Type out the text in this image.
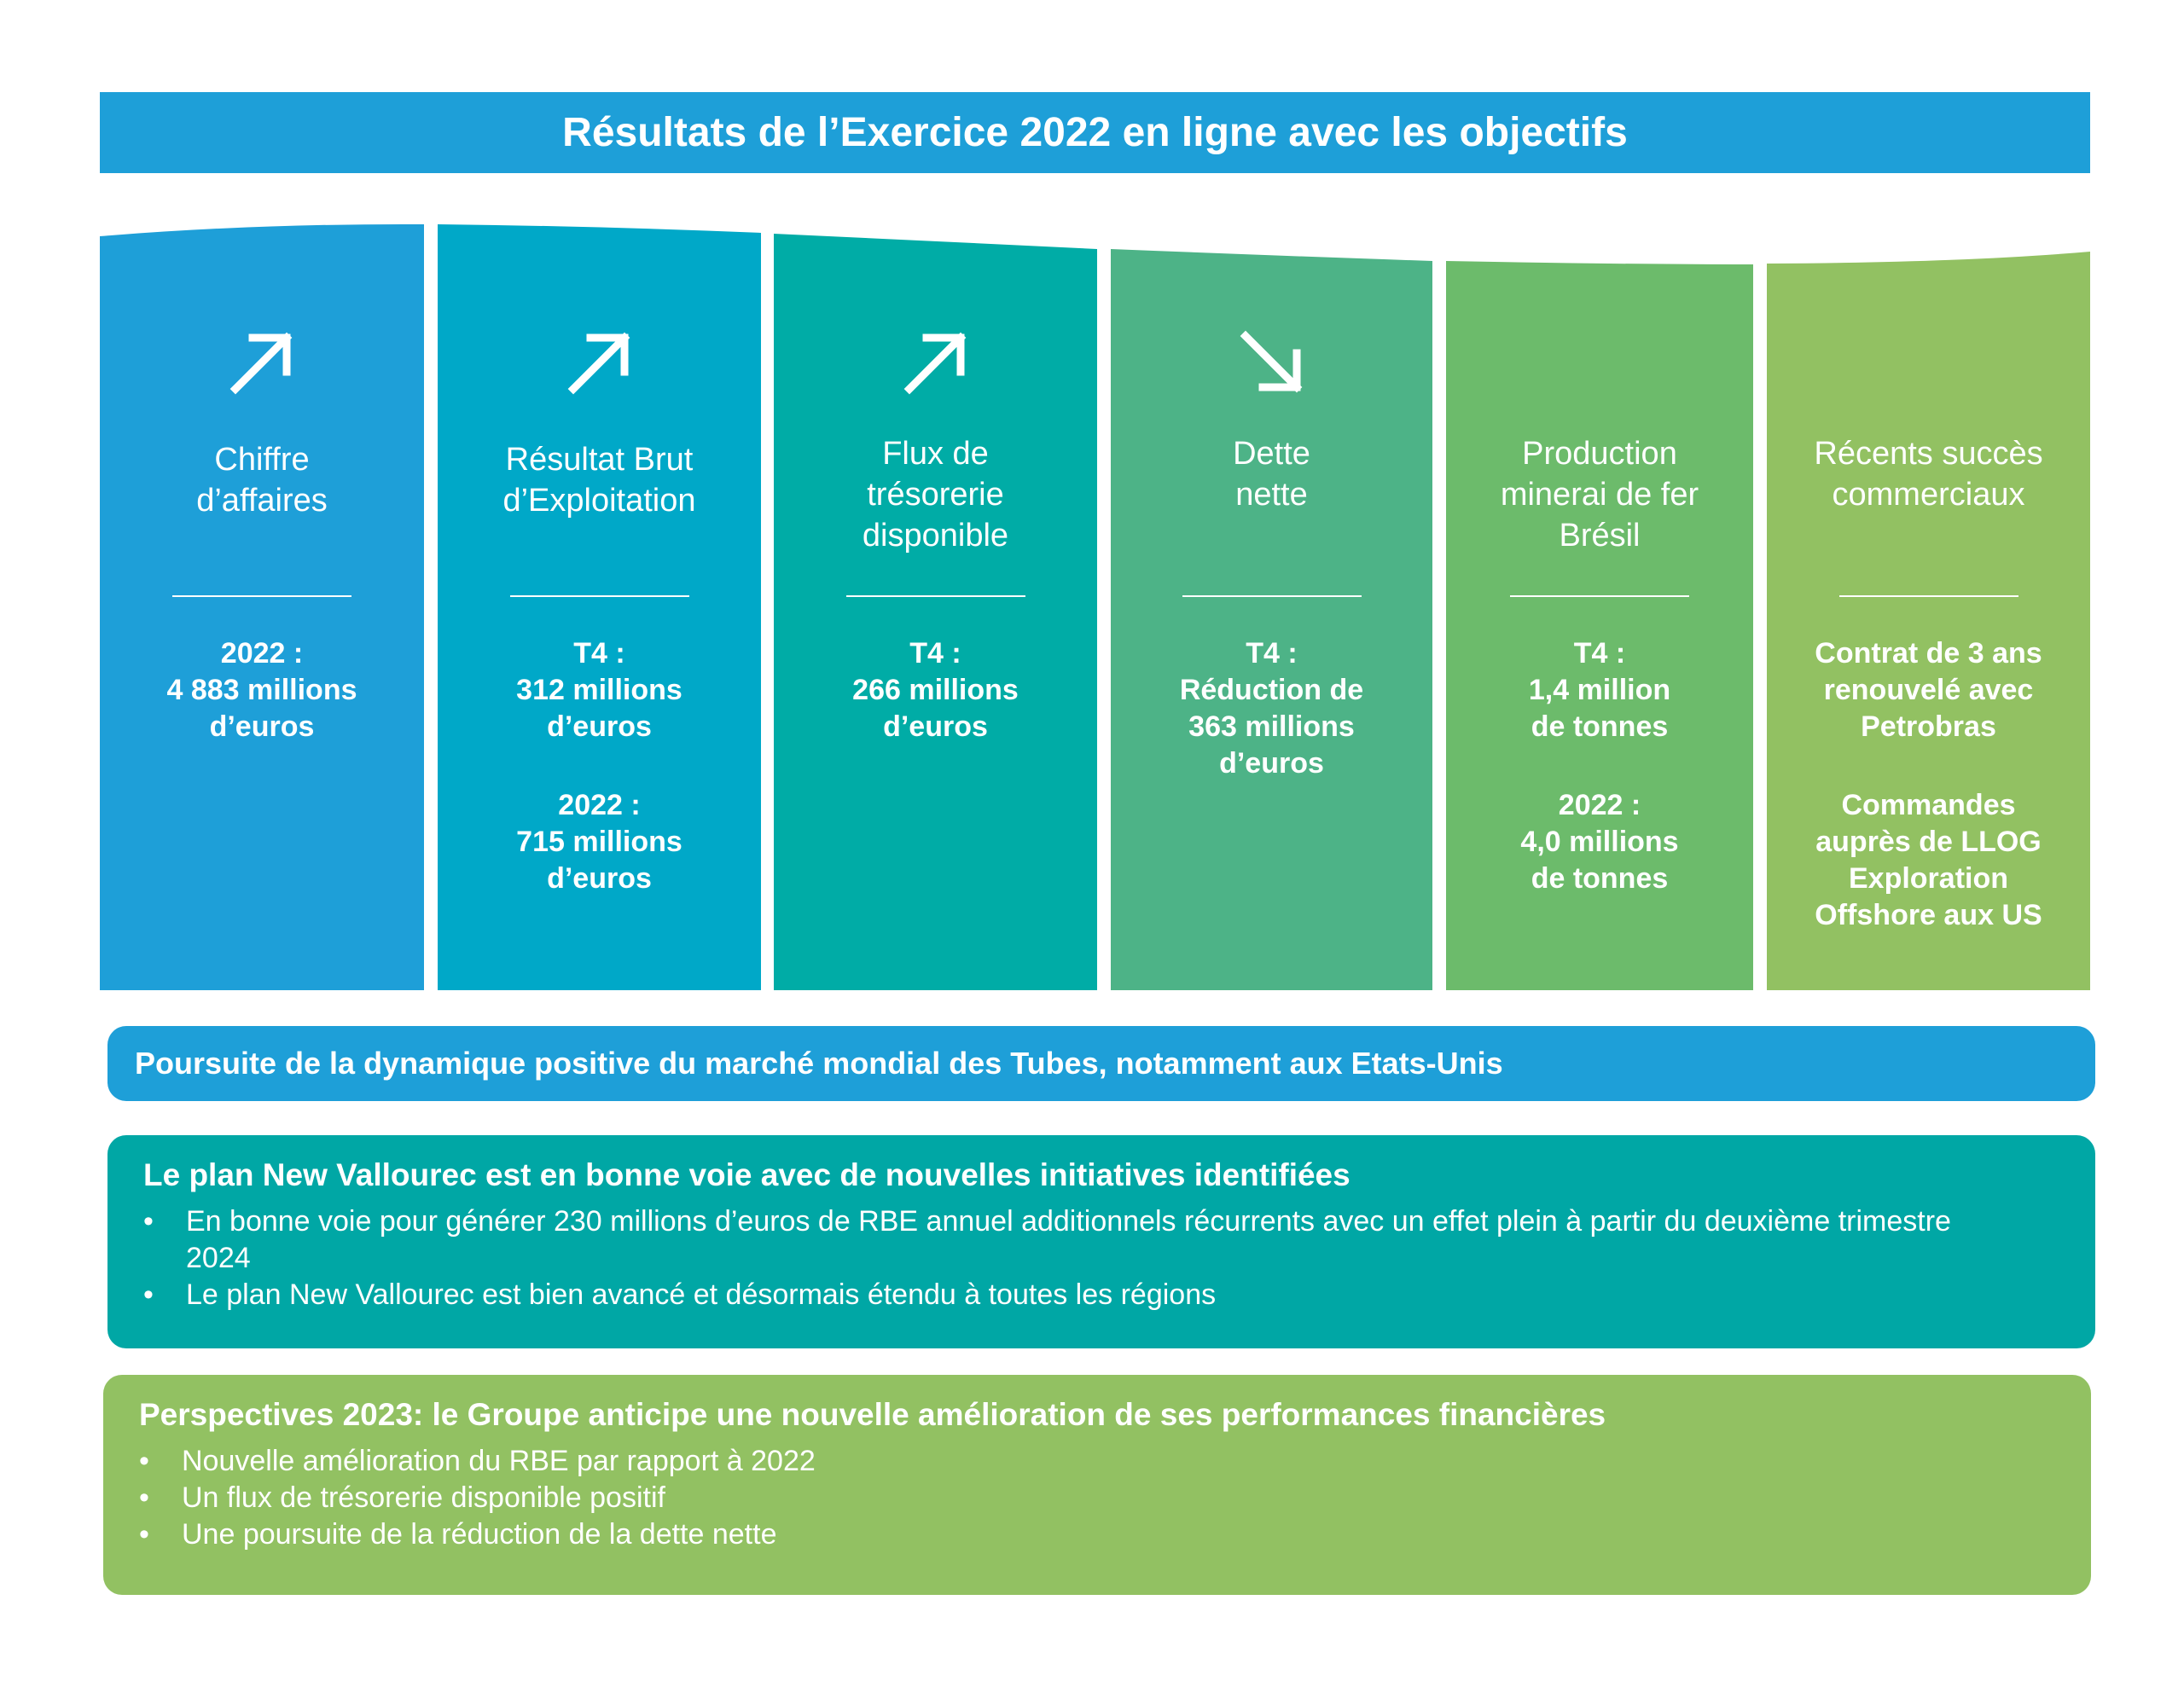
Résultats de l’Exercice 2022 en ligne avec les objectifs
Chiffre
d’affaires
2022 :
4 883 millions
d’euros
Résultat Brut
d’Exploitation
T4 :
312 millions
d’euros
2022 :
715 millions
d’euros
Flux de
trésorerie
disponible
T4 :
266 millions
d’euros
Dette
nette
T4 :
Réduction de
363 millions
d’euros
Production
minerai de fer
Brésil
T4 :
1,4 million
de tonnes
2022 :
4,0 millions
de tonnes
Récents succès
commerciaux
Contrat de 3 ans
renouvelé avec
Petrobras
Commandes
auprès de LLOG
Exploration
Offshore aux US
Poursuite de la dynamique positive du marché mondial des Tubes, notamment aux Etats-Unis
Le plan New Vallourec est en bonne voie avec de nouvelles initiatives identifiées
• En bonne voie pour générer 230 millions d’euros de RBE annuel additionnels récurrents avec un effet plein à partir du deuxième trimestre 2024
• Le plan New Vallourec est bien avancé et désormais étendu à toutes les régions
Perspectives 2023: le Groupe anticipe une nouvelle amélioration de ses performances financières
• Nouvelle amélioration du RBE par rapport à 2022
• Un flux de trésorerie disponible positif
• Une poursuite de la réduction de la dette nette
